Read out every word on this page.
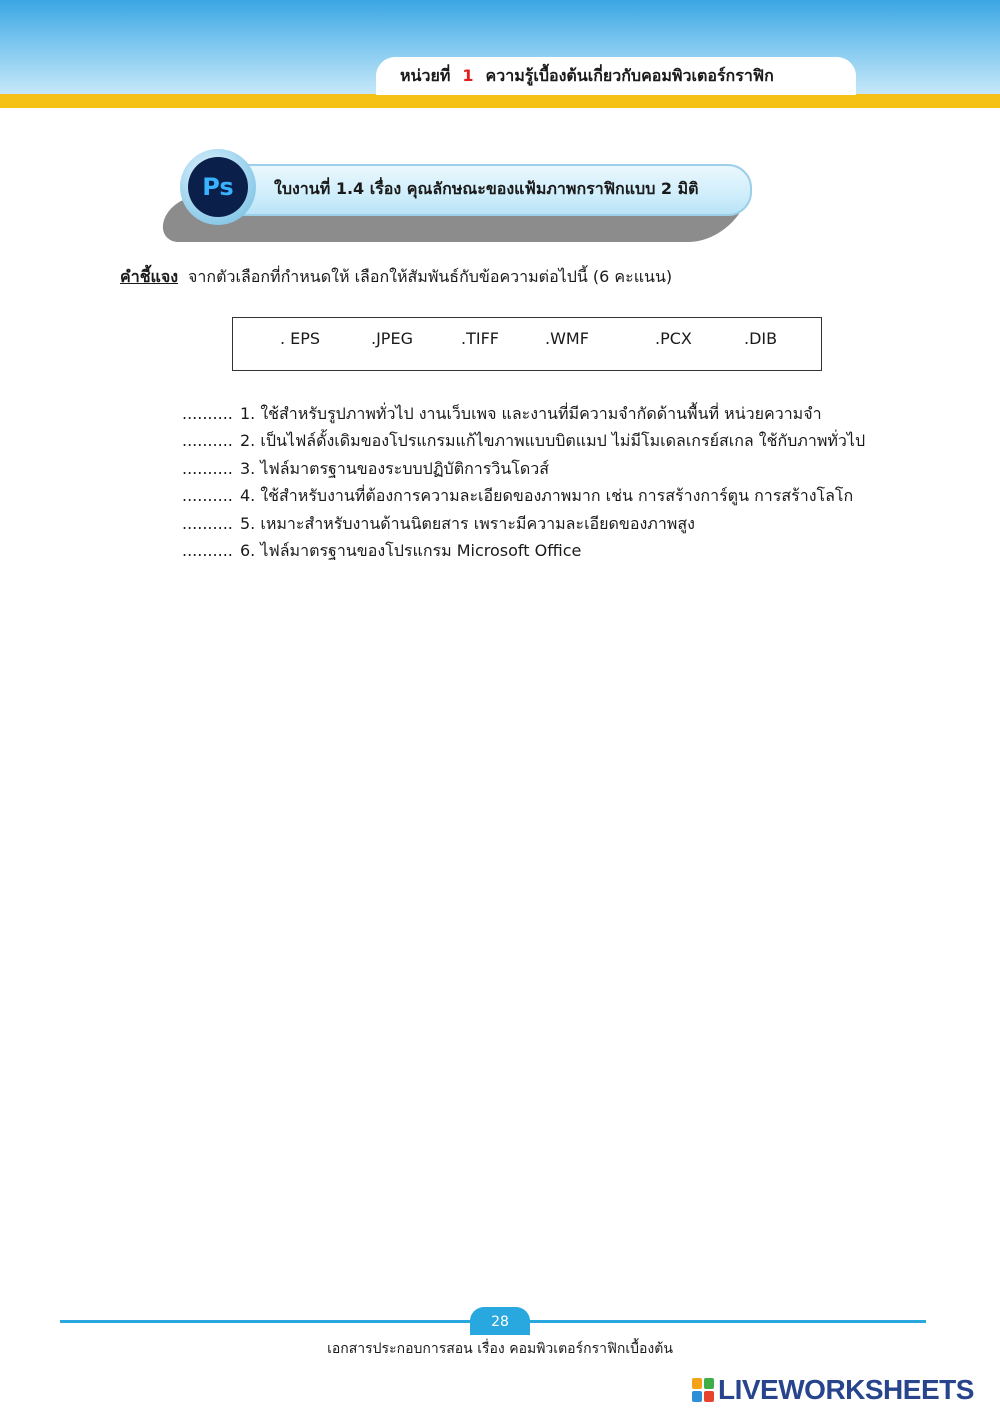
หน่วยที่ 1 ความรู้เบื้องต้นเกี่ยวกับคอมพิวเตอร์กราฟิก
ใบงานที่ 1.4 เรื่อง คุณลักษณะของแฟ้มภาพกราฟิกแบบ 2 มิติ
Ps
คำชี้แจง จากตัวเลือกที่กำหนดให้ เลือกให้สัมพันธ์กับข้อความต่อไปนี้ (6 คะแนน)
. EPS	.JPEG	.TIFF	.WMF	.PCX	.DIB
.......... 1. ใช้สำหรับรูปภาพทั่วไป งานเว็บเพจ และงานที่มีความจำกัดด้านพื้นที่ หน่วยความจำ
.......... 2. เป็นไฟล์ดั้งเดิมของโปรแกรมแก้ไขภาพแบบบิตแมป ไม่มีโมเดลเกรย์สเกล ใช้กับภาพทั่วไป
.......... 3. ไฟล์มาตรฐานของระบบปฏิบัติการวินโดวส์
.......... 4. ใช้สำหรับงานที่ต้องการความละเอียดของภาพมาก เช่น การสร้างการ์ตูน การสร้างโลโก
.......... 5. เหมาะสำหรับงานด้านนิตยสาร เพราะมีความละเอียดของภาพสูง
.......... 6. ไฟล์มาตรฐานของโปรแกรม Microsoft Office
28
เอกสารประกอบการสอน เรื่อง คอมพิวเตอร์กราฟิกเบื้องต้น
LIVEWORKSHEETS
